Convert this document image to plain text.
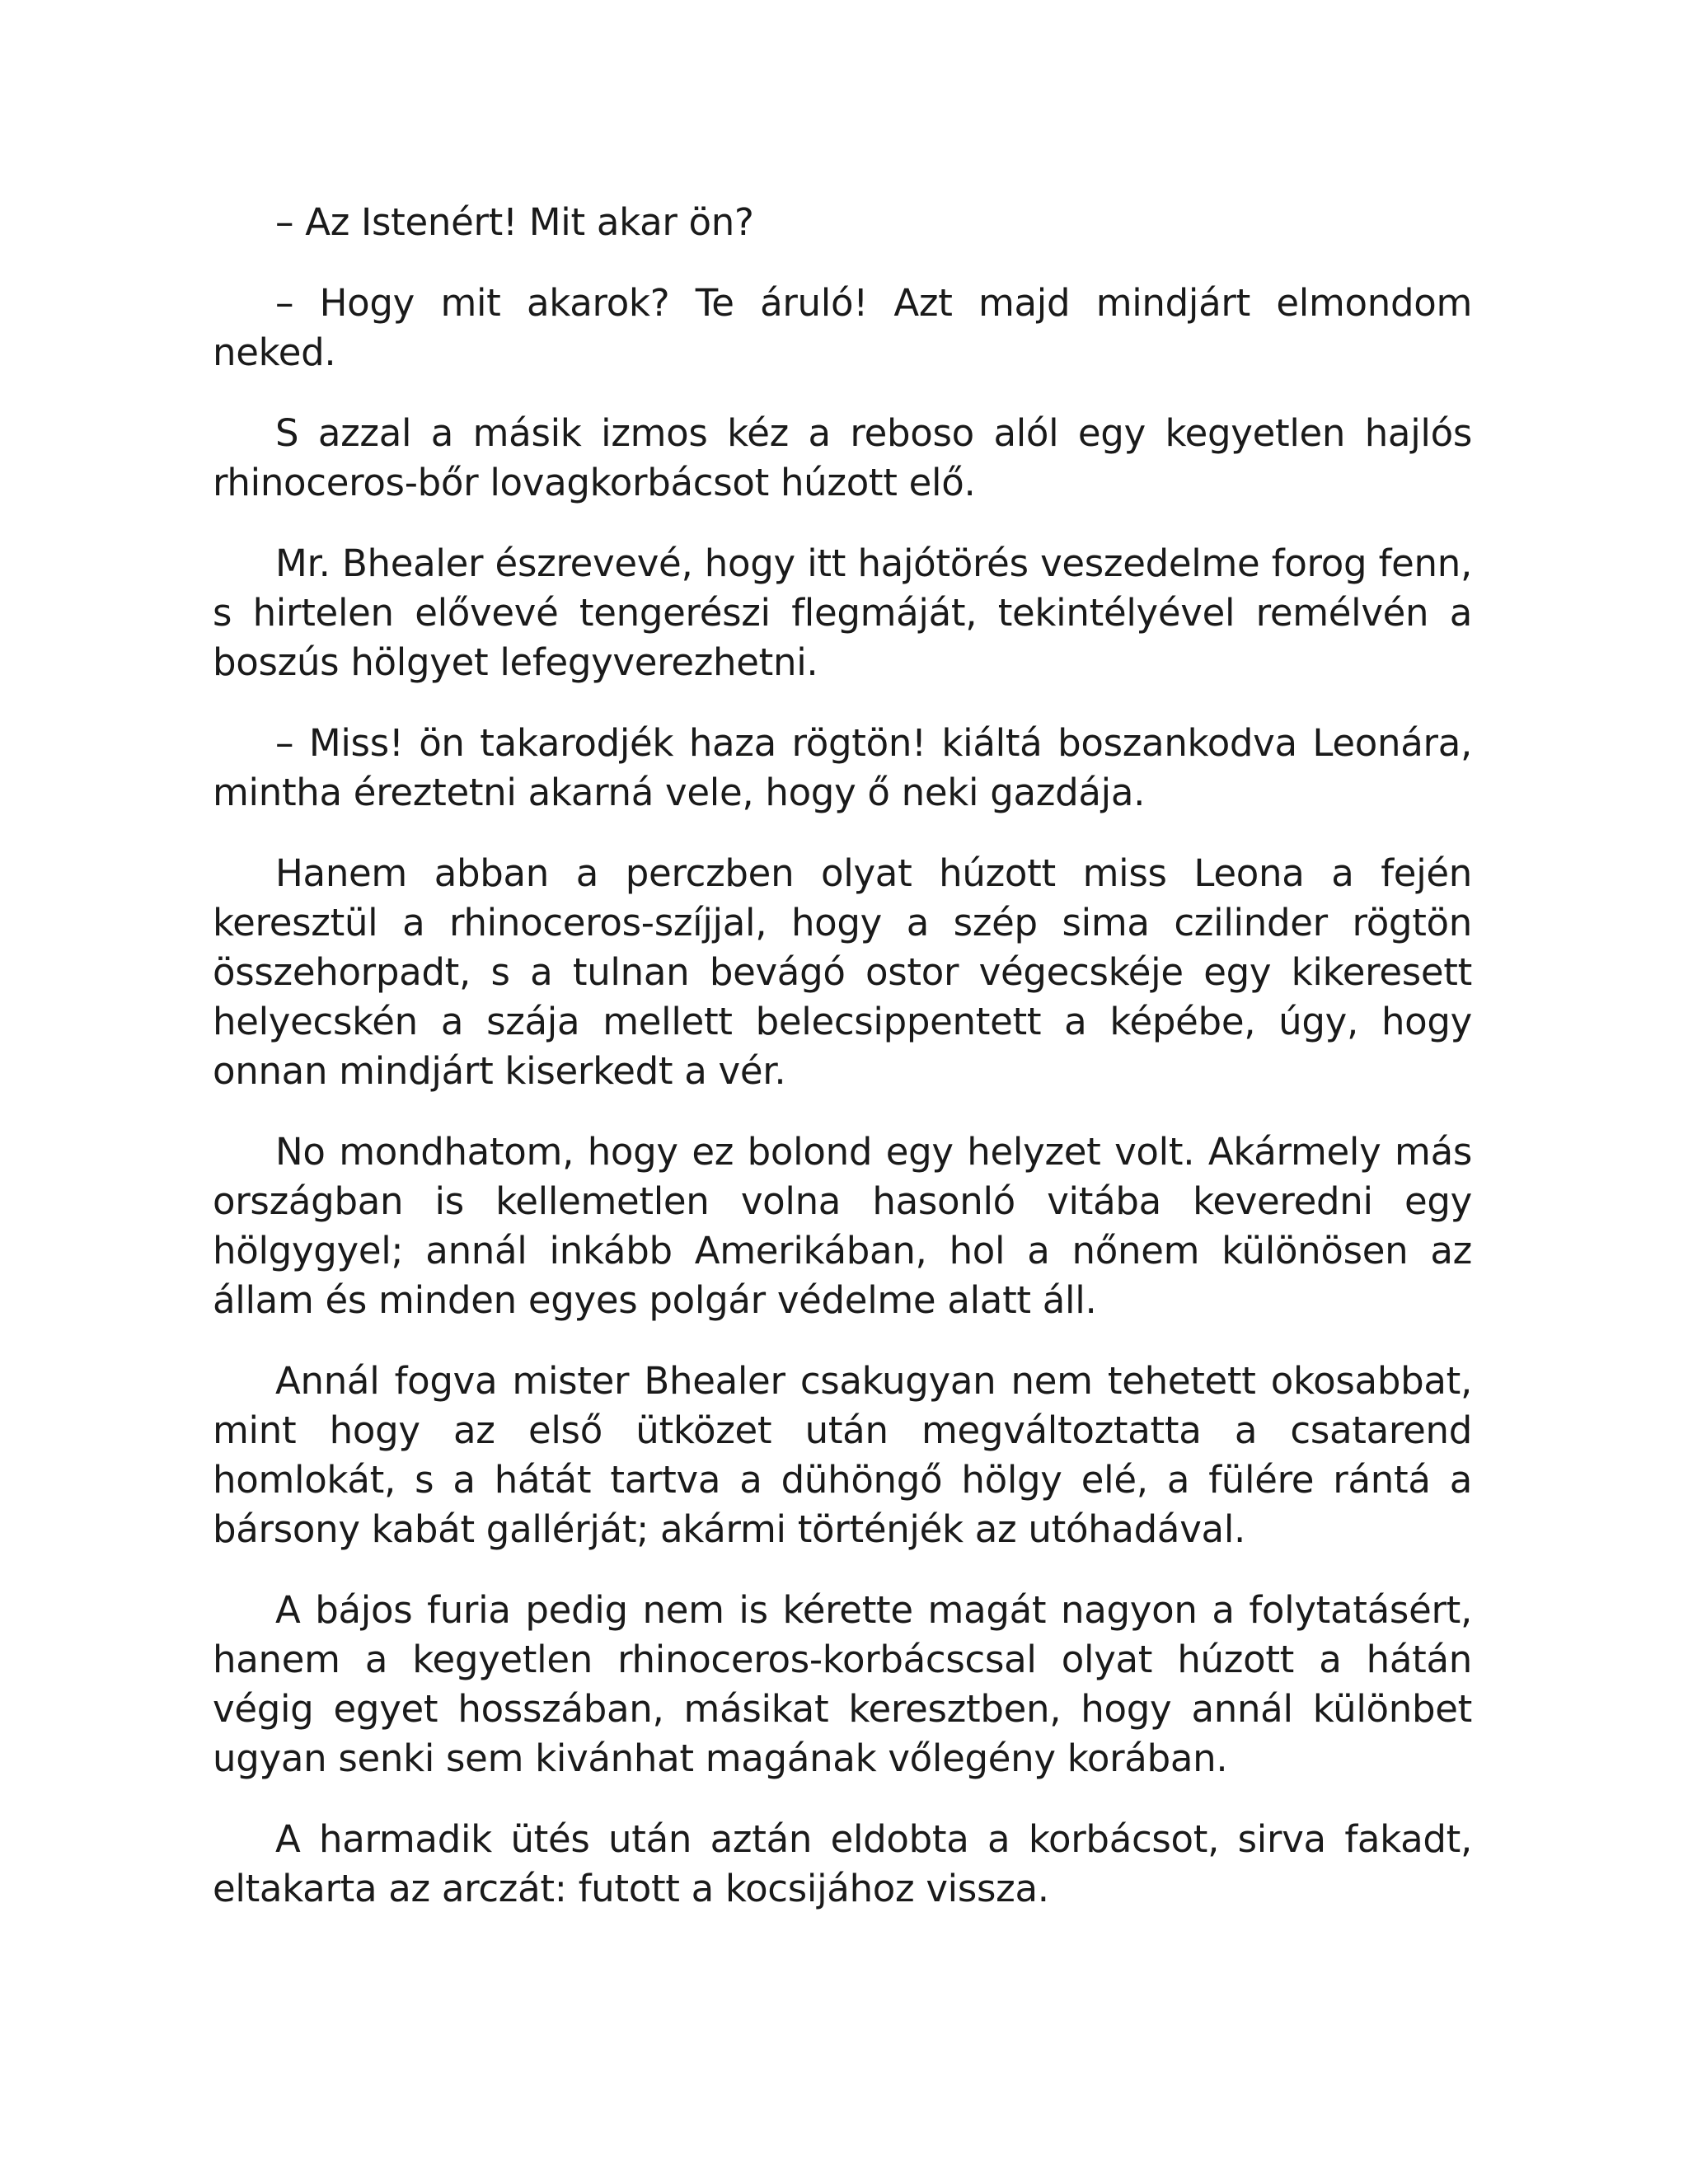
– Az Istenért! Mit akar ön?

– Hogy mit akarok? Te áruló! Azt majd mindjárt elmondom neked.

S azzal a másik izmos kéz a reboso alól egy kegyetlen hajlós rhinoceros-bőr lovagkorbácsot húzott elő.

Mr. Bhealer észrevevé, hogy itt hajótörés veszedelme forog fenn, s hirtelen elővevé tengerészi flegmáját, tekintélyével remélvén a boszús hölgyet lefegyverezhetni.

– Miss! ön takarodjék haza rögtön! kiáltá boszankodva Leonára, mintha éreztetni akarná vele, hogy ő neki gazdája.

Hanem abban a perczben olyat húzott miss Leona a fején keresztül a rhinoceros-szíjjal, hogy a szép sima czilinder rögtön összehorpadt, s a tulnan bevágó ostor végecskéje egy kikeresett helyecskén a szája mellett belecsippentett a képébe, úgy, hogy onnan mindjárt kiserkedt a vér.

No mondhatom, hogy ez bolond egy helyzet volt. Akármely más országban is kellemetlen volna hasonló vitába keveredni egy hölgygyel; annál inkább Amerikában, hol a nőnem különösen az állam és minden egyes polgár védelme alatt áll.

Annál fogva mister Bhealer csakugyan nem tehetett okosabbat, mint hogy az első ütközet után megváltoztatta a csatarend homlokát, s a hátát tartva a dühöngő hölgy elé, a fülére rántá a bársony kabát gallérját; akármi történjék az utóhadával.

A bájos furia pedig nem is kérette magát nagyon a folytatásért, hanem a kegyetlen rhinoceros-korbácscsal olyat húzott a hátán végig egyet hosszában, másikat keresztben, hogy annál különbet ugyan senki sem kivánhat magának vőlegény korában.

A harmadik ütés után aztán eldobta a korbácsot, sirva fakadt, eltakarta az arczát: futott a kocsijához vissza.
